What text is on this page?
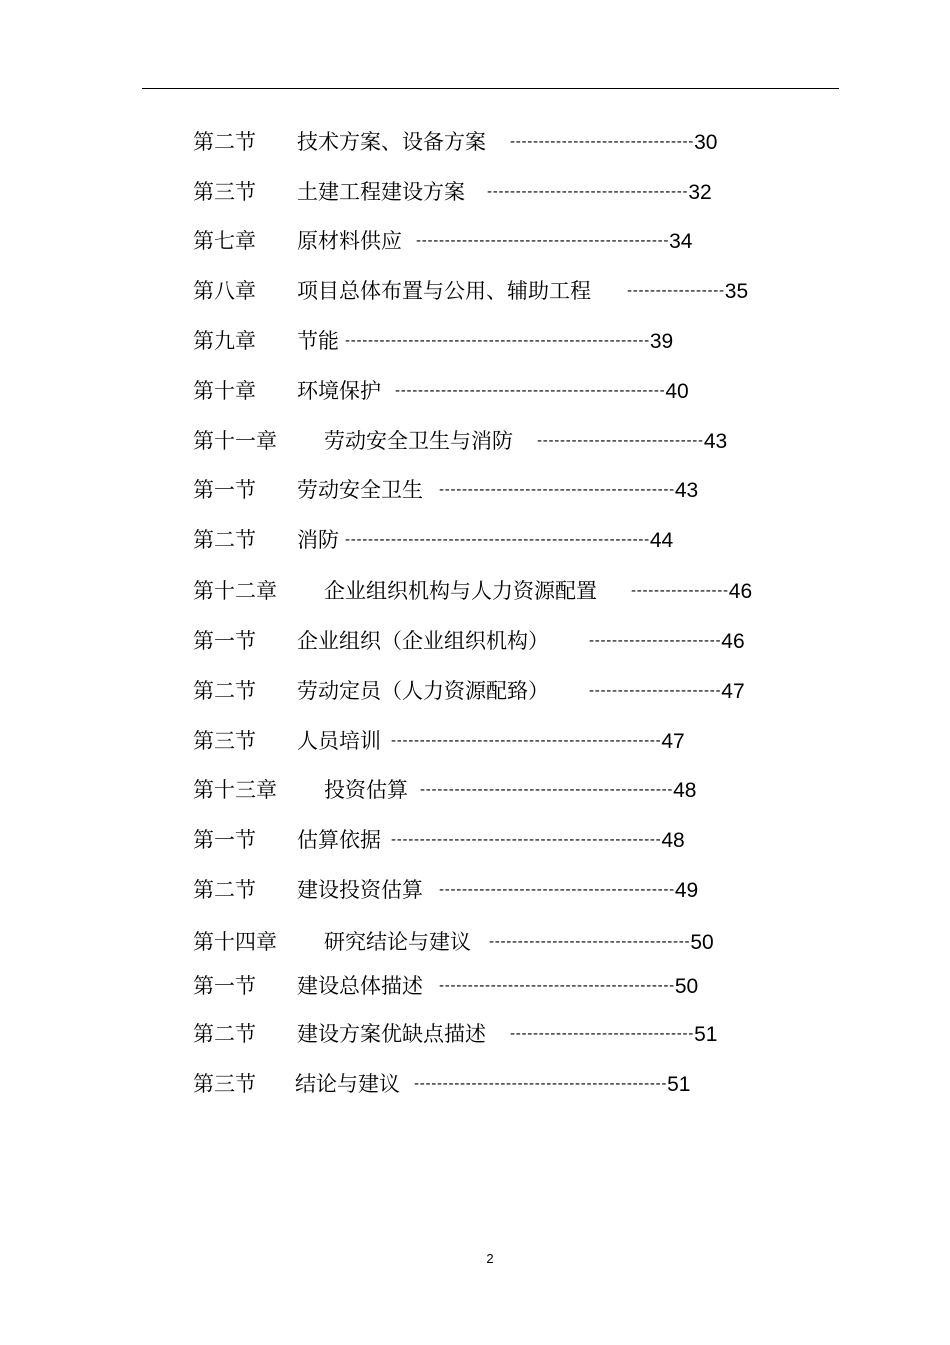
第二节 技术方案、设备方案 --------------------------------30
第三节 土建工程建设方案 -----------------------------------32
第七章 原材料供应 --------------------------------------------34
第八章 项目总体布置与公用、辅助工程	-----------------35
第九章 节能 -----------------------------------------------------39
第十章 环境保护 -----------------------------------------------40
第十一章 劳动安全卫生与消防 -----------------------------43
第一节 劳动安全卫生 -----------------------------------------43
第二节 消防 -----------------------------------------------------44
第十二章 企业组织机构与人力资源配置 -----------------46
第一节 企业组织（企业组织机构）	-----------------------46
第二节 劳动定员（人力资源配臵）	-----------------------47
第三节 人员培训 -----------------------------------------------47
第十三章 投资估算 --------------------------------------------48
第一节 估算依据 -----------------------------------------------48
第二节 建设投资估算 -----------------------------------------49
第十四章 研究结论与建议 -----------------------------------50
第一节 建设总体描述 -----------------------------------------50
第二节 建设方案优缺点描述 --------------------------------51
第三节 结论与建议 --------------------------------------------51
2
